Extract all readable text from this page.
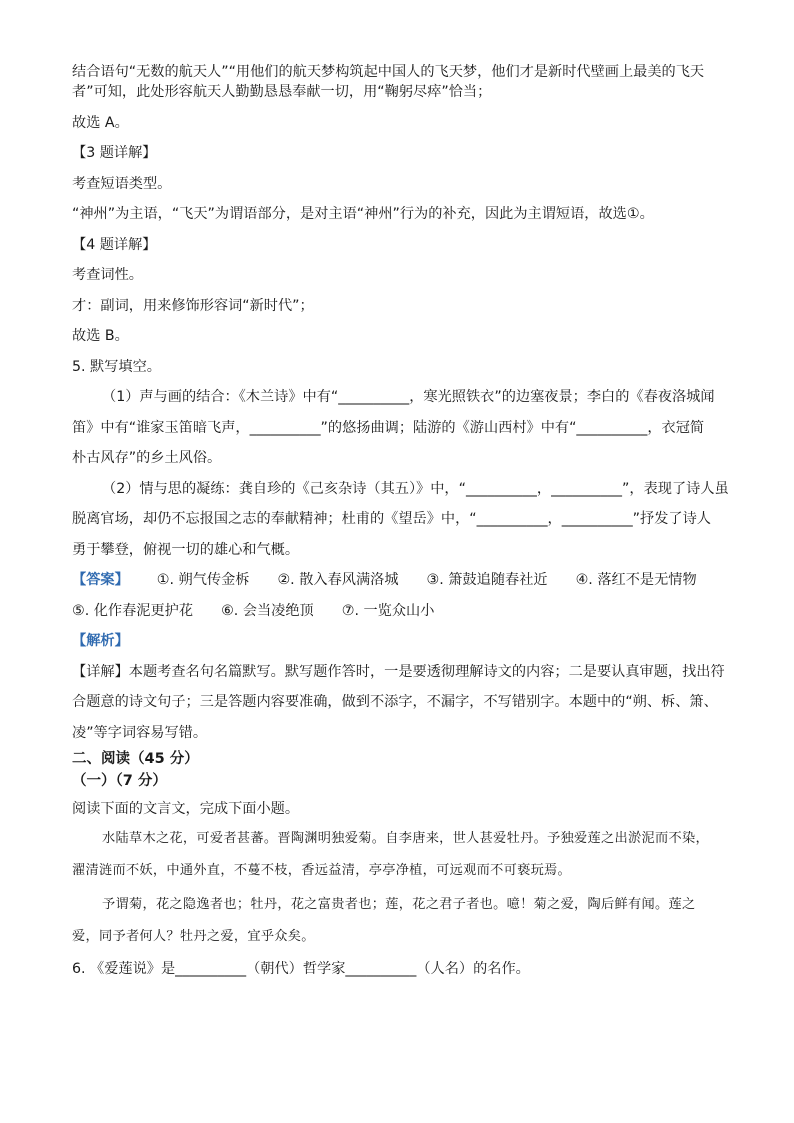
结合语句“无数的航天人”“用他们的航天梦构筑起中国人的飞天梦，他们才是新时代壁画上最美的飞天

者”可知，此处形容航天人勤勤恳恳奉献一切，用“鞠躬尽瘁”恰当；

故选 A。

【3 题详解】

考查短语类型。

“神州”为主语，“飞天”为谓语部分，是对主语“神州”行为的补充，因此为主谓短语，故选①。

【4 题详解】

考查词性。

才：副词，用来修饰形容词“新时代”；

故选 B。

5. 默写填空。

（1）声与画的结合：《木兰诗》中有“__________，寒光照铁衣”的边塞夜景；李白的《春夜洛城闻

笛》中有“谁家玉笛暗飞声，__________”的悠扬曲调；陆游的《游山西村》中有“__________，衣冠简

朴古风存”的乡土风俗。

（2）情与思的凝练：龚自珍的《己亥杂诗（其五）》中，“__________，__________”，表现了诗人虽

脱离官场，却仍不忘报国之志的奉献精神；杜甫的《望岳》中，“__________，__________”抒发了诗人

勇于攀登，俯视一切的雄心和气概。

【答案】 ①. 朔气传金柝 ②. 散入春风满洛城 ③. 箫鼓追随春社近 ④. 落红不是无情物
⑤. 化作春泥更护花 ⑥. 会当凌绝顶 ⑦. 一览众山小

【解析】

【详解】本题考查名句名篇默写。默写题作答时，一是要透彻理解诗文的内容；二是要认真审题，找出符

合题意的诗文句子；三是答题内容要准确，做到不添字，不漏字，不写错别字。本题中的“朔、柝、箫、

凌”等字词容易写错。

二、阅读（45 分）

（一）（7 分）

阅读下面的文言文，完成下面小题。

水陆草木之花，可爱者甚蕃。晋陶渊明独爱菊。自李唐来，世人甚爱牡丹。予独爱莲之出淤泥而不染，

濯清涟而不妖，中通外直，不蔓不枝，香远益清，亭亭净植，可远观而不可亵玩焉。

予谓菊，花之隐逸者也；牡丹，花之富贵者也；莲，花之君子者也。噫！菊之爱，陶后鲜有闻。莲之

爱，同予者何人？牡丹之爱，宜乎众矣。

6. 《爱莲说》是__________（朝代）哲学家__________（人名）的名作。
